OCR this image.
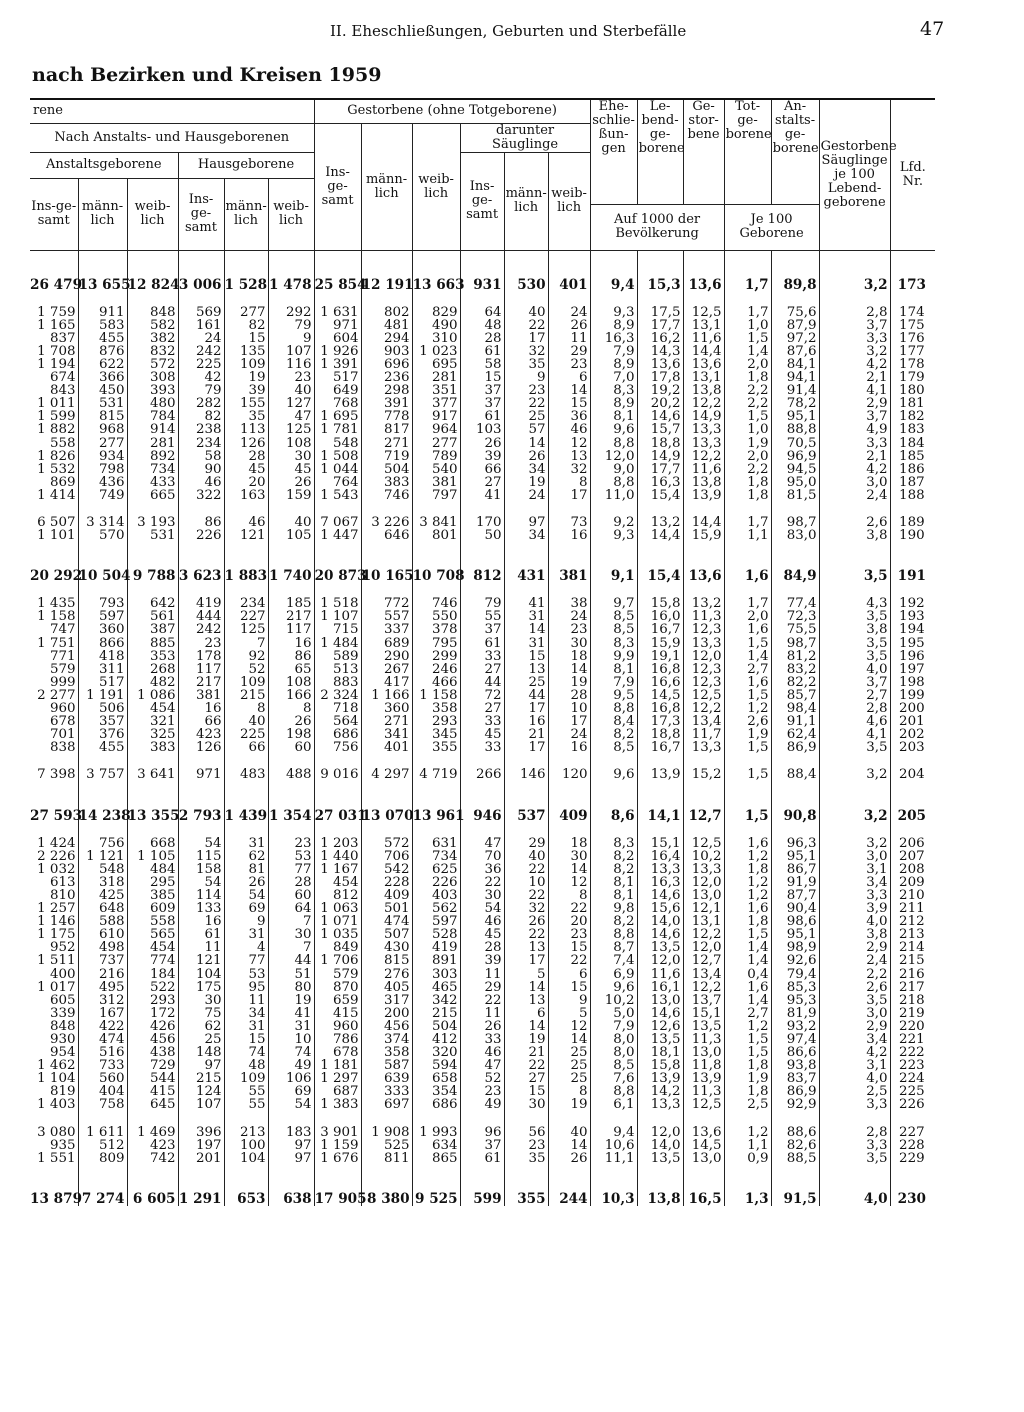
II. Eheschließungen, Geburten und Sterbefälle	47
nach Bezirken und Kreisen 1959
rene						Gestorbene (ohne Totgeborene)						Ehe-schlie-ßun-gen	Le-bend-ge-borene	Ge-stor-bene	Tot-ge-borene	An-stalts-ge-borene	Gestorbene Säuglinge je 100 Lebend-geborene	Lfd. Nr.
Nach Anstalts- und Hausgeborenen						Ins-ge-samt	männ-lich	weib-lich	darunter Säuglinge									
Anstaltsgeborene			Hausgeborene						Ins-ge-samt	männ-lich	weib-lich							
Ins-ge-samt	männ-lich	weib-lich	Ins-ge-samt	männ-lich	weib-lich													
												Auf 1000 der Bevölkerung			Je 100 Geborene			

26 479	13 655	12 824	3 006	1 528	1 478	25 854	12 191	13 663	931	530	401	9,4	15,3	13,6	1,7	89,8	3,2	173

1 759	911	848	569	277	292	1 631	802	829	64	40	24	9,3	17,5	12,5	1,7	75,6	2,8	174
1 165	583	582	161	82	79	971	481	490	48	22	26	8,9	17,7	13,1	1,0	87,9	3,7	175
837	455	382	24	15	9	604	294	310	28	17	11	16,3	16,2	11,6	1,5	97,2	3,3	176
1 708	876	832	242	135	107	1 926	903	1 023	61	32	29	7,9	14,3	14,4	1,4	87,6	3,2	177
1 194	622	572	225	109	116	1 391	696	695	58	35	23	8,9	13,6	13,6	2,0	84,1	4,2	178
674	366	308	42	19	23	517	236	281	15	9	6	7,0	17,8	13,1	1,8	94,1	2,1	179
843	450	393	79	39	40	649	298	351	37	23	14	8,3	19,2	13,8	2,2	91,4	4,1	180
1 011	531	480	282	155	127	768	391	377	37	22	15	8,9	20,2	12,2	2,2	78,2	2,9	181
1 599	815	784	82	35	47	1 695	778	917	61	25	36	8,1	14,6	14,9	1,5	95,1	3,7	182
1 882	968	914	238	113	125	1 781	817	964	103	57	46	9,6	15,7	13,3	1,0	88,8	4,9	183
558	277	281	234	126	108	548	271	277	26	14	12	8,8	18,8	13,3	1,9	70,5	3,3	184
1 826	934	892	58	28	30	1 508	719	789	39	26	13	12,0	14,9	12,2	2,0	96,9	2,1	185
1 532	798	734	90	45	45	1 044	504	540	66	34	32	9,0	17,7	11,6	2,2	94,5	4,2	186
869	436	433	46	20	26	764	383	381	27	19	8	8,8	16,3	13,8	1,8	95,0	3,0	187
1 414	749	665	322	163	159	1 543	746	797	41	24	17	11,0	15,4	13,9	1,8	81,5	2,4	188

6 507	3 314	3 193	86	46	40	7 067	3 226	3 841	170	97	73	9,2	13,2	14,4	1,7	98,7	2,6	189
1 101	570	531	226	121	105	1 447	646	801	50	34	16	9,3	14,4	15,9	1,1	83,0	3,8	190

20 292	10 504	9 788	3 623	1 883	1 740	20 873	10 165	10 708	812	431	381	9,1	15,4	13,6	1,6	84,9	3,5	191

1 435	793	642	419	234	185	1 518	772	746	79	41	38	9,7	15,8	13,2	1,7	77,4	4,3	192
1 158	597	561	444	227	217	1 107	557	550	55	31	24	8,5	16,0	11,3	2,0	72,3	3,5	193
747	360	387	242	125	117	715	337	378	37	14	23	8,5	16,7	12,3	1,6	75,5	3,8	194
1 751	866	885	23	7	16	1 484	689	795	61	31	30	8,3	15,9	13,3	1,5	98,7	3,5	195
771	418	353	178	92	86	589	290	299	33	15	18	9,9	19,1	12,0	1,4	81,2	3,5	196
579	311	268	117	52	65	513	267	246	27	13	14	8,1	16,8	12,3	2,7	83,2	4,0	197
999	517	482	217	109	108	883	417	466	44	25	19	7,9	16,6	12,3	1,6	82,2	3,7	198
2 277	1 191	1 086	381	215	166	2 324	1 166	1 158	72	44	28	9,5	14,5	12,5	1,5	85,7	2,7	199
960	506	454	16	8	8	718	360	358	27	17	10	8,8	16,8	12,2	1,2	98,4	2,8	200
678	357	321	66	40	26	564	271	293	33	16	17	8,4	17,3	13,4	2,6	91,1	4,6	201
701	376	325	423	225	198	686	341	345	45	21	24	8,2	18,8	11,7	1,9	62,4	4,1	202
838	455	383	126	66	60	756	401	355	33	17	16	8,5	16,7	13,3	1,5	86,9	3,5	203

7 398	3 757	3 641	971	483	488	9 016	4 297	4 719	266	146	120	9,6	13,9	15,2	1,5	88,4	3,2	204

27 593	14 238	13 355	2 793	1 439	1 354	27 031	13 070	13 961	946	537	409	8,6	14,1	12,7	1,5	90,8	3,2	205

1 424	756	668	54	31	23	1 203	572	631	47	29	18	8,3	15,1	12,5	1,6	96,3	3,2	206
2 226	1 121	1 105	115	62	53	1 440	706	734	70	40	30	8,2	16,4	10,2	1,2	95,1	3,0	207
1 032	548	484	158	81	77	1 167	542	625	36	22	14	8,2	13,3	13,3	1,8	86,7	3,1	208
613	318	295	54	26	28	454	228	226	22	10	12	8,1	16,3	12,0	1,2	91,9	3,4	209
810	425	385	114	54	60	812	409	403	30	22	8	8,1	14,6	13,0	1,2	87,7	3,3	210
1 257	648	609	133	69	64	1 063	501	562	54	32	22	9,8	15,6	12,1	1,6	90,4	3,9	211
1 146	588	558	16	9	7	1 071	474	597	46	26	20	8,2	14,0	13,1	1,8	98,6	4,0	212
1 175	610	565	61	31	30	1 035	507	528	45	22	23	8,8	14,6	12,2	1,5	95,1	3,8	213
952	498	454	11	4	7	849	430	419	28	13	15	8,7	13,5	12,0	1,4	98,9	2,9	214
1 511	737	774	121	77	44	1 706	815	891	39	17	22	7,4	12,0	12,7	1,4	92,6	2,4	215
400	216	184	104	53	51	579	276	303	11	5	6	6,9	11,6	13,4	0,4	79,4	2,2	216
1 017	495	522	175	95	80	870	405	465	29	14	15	9,6	16,1	12,2	1,6	85,3	2,6	217
605	312	293	30	11	19	659	317	342	22	13	9	10,2	13,0	13,7	1,4	95,3	3,5	218
339	167	172	75	34	41	415	200	215	11	6	5	5,0	14,6	15,1	2,7	81,9	3,0	219
848	422	426	62	31	31	960	456	504	26	14	12	7,9	12,6	13,5	1,2	93,2	2,9	220
930	474	456	25	15	10	786	374	412	33	19	14	8,0	13,5	11,3	1,5	97,4	3,4	221
954	516	438	148	74	74	678	358	320	46	21	25	8,0	18,1	13,0	1,5	86,6	4,2	222
1 462	733	729	97	48	49	1 181	587	594	47	22	25	8,5	15,8	11,8	1,8	93,8	3,1	223
1 104	560	544	215	109	106	1 297	639	658	52	27	25	7,6	13,9	13,9	1,9	83,7	4,0	224
819	404	415	124	55	69	687	333	354	23	15	8	8,8	14,2	11,3	1,8	86,9	2,5	225
1 403	758	645	107	55	54	1 383	697	686	49	30	19	6,1	13,3	12,5	2,5	92,9	3,3	226

3 080	1 611	1 469	396	213	183	3 901	1 908	1 993	96	56	40	9,4	12,0	13,6	1,2	88,6	2,8	227
935	512	423	197	100	97	1 159	525	634	37	23	14	10,6	14,0	14,5	1,1	82,6	3,3	228
1 551	809	742	201	104	97	1 676	811	865	61	35	26	11,1	13,5	13,0	0,9	88,5	3,5	229

13 879	7 274	6 605	1 291	653	638	17 905	8 380	9 525	599	355	244	10,3	13,8	16,5	1,3	91,5	4,0	230
